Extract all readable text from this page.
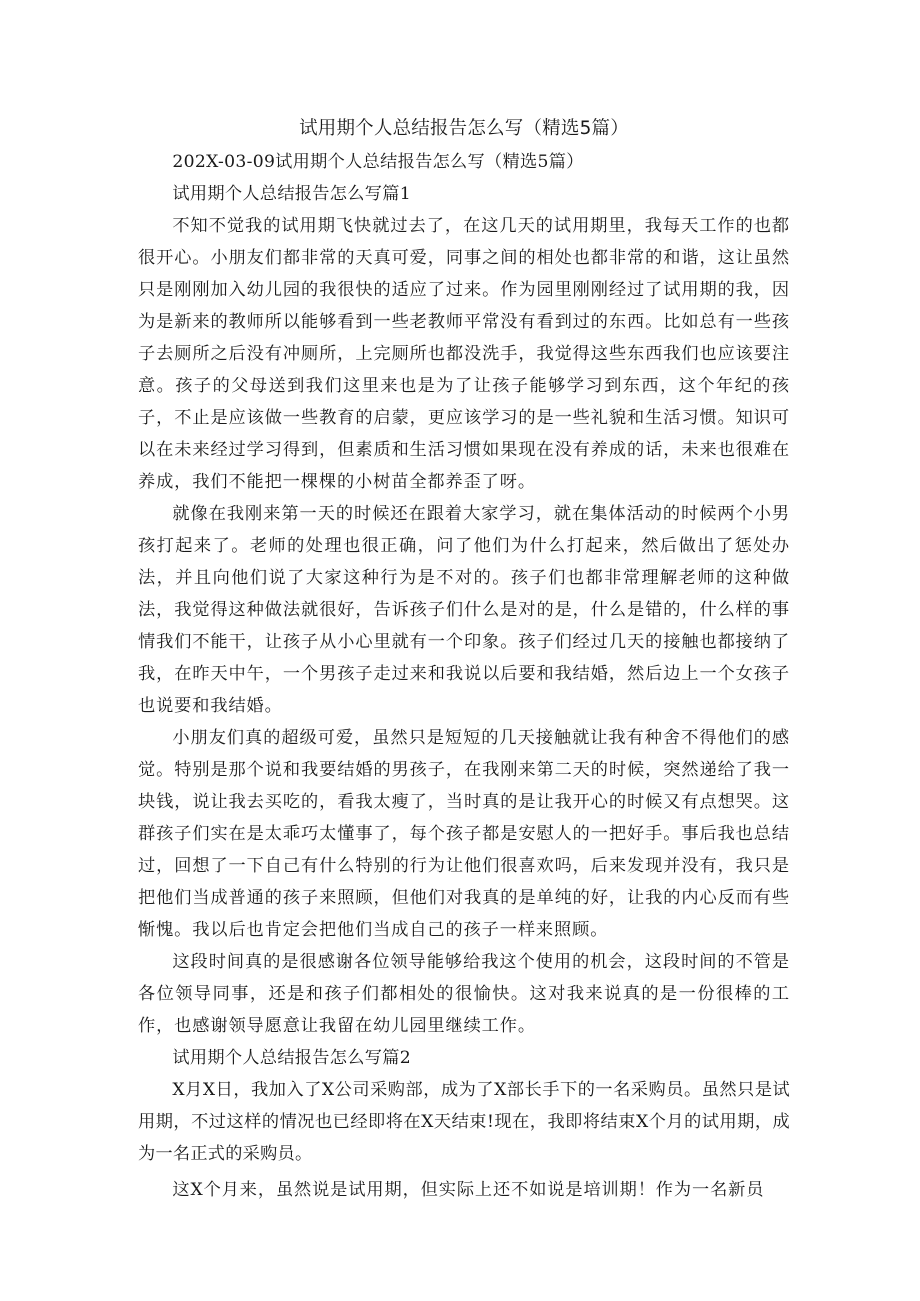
试用期个人总结报告怎么写（精选5篇）

202X-03-09试用期个人总结报告怎么写（精选5篇）

试用期个人总结报告怎么写篇1

不知不觉我的试用期飞快就过去了，在这几天的试用期里，我每天工作的也都很开心。小朋友们都非常的天真可爱，同事之间的相处也都非常的和谐，这让虽然只是刚刚加入幼儿园的我很快的适应了过来。作为园里刚刚经过了试用期的我，因为是新来的教师所以能够看到一些老教师平常没有看到过的东西。比如总有一些孩子去厕所之后没有冲厕所，上完厕所也都没洗手，我觉得这些东西我们也应该要注意。孩子的父母送到我们这里来也是为了让孩子能够学习到东西，这个年纪的孩子，不止是应该做一些教育的启蒙，更应该学习的是一些礼貌和生活习惯。知识可以在未来经过学习得到，但素质和生活习惯如果现在没有养成的话，未来也很难在养成，我们不能把一棵棵的小树苗全都养歪了呀。

就像在我刚来第一天的时候还在跟着大家学习，就在集体活动的时候两个小男孩打起来了。老师的处理也很正确，问了他们为什么打起来，然后做出了惩处办法，并且向他们说了大家这种行为是不对的。孩子们也都非常理解老师的这种做法，我觉得这种做法就很好，告诉孩子们什么是对的是，什么是错的，什么样的事情我们不能干，让孩子从小心里就有一个印象。孩子们经过几天的接触也都接纳了我，在昨天中午，一个男孩子走过来和我说以后要和我结婚，然后边上一个女孩子也说要和我结婚。

小朋友们真的超级可爱，虽然只是短短的几天接触就让我有种舍不得他们的感觉。特别是那个说和我要结婚的男孩子，在我刚来第二天的时候，突然递给了我一块钱，说让我去买吃的，看我太瘦了，当时真的是让我开心的时候又有点想哭。这群孩子们实在是太乖巧太懂事了，每个孩子都是安慰人的一把好手。事后我也总结过，回想了一下自己有什么特别的行为让他们很喜欢吗，后来发现并没有，我只是把他们当成普通的孩子来照顾，但他们对我真的是单纯的好，让我的内心反而有些惭愧。我以后也肯定会把他们当成自己的孩子一样来照顾。

这段时间真的是很感谢各位领导能够给我这个使用的机会，这段时间的不管是各位领导同事，还是和孩子们都相处的很愉快。这对我来说真的是一份很棒的工作，也感谢领导愿意让我留在幼儿园里继续工作。

试用期个人总结报告怎么写篇2

X月X日，我加入了X公司采购部，成为了X部长手下的一名采购员。虽然只是试用期，不过这样的情况也已经即将在X天结束!现在，我即将结束X个月的试用期，成为一名正式的采购员。

这X个月来，虽然说是试用期，但实际上还不如说是培训期！作为一名新员
